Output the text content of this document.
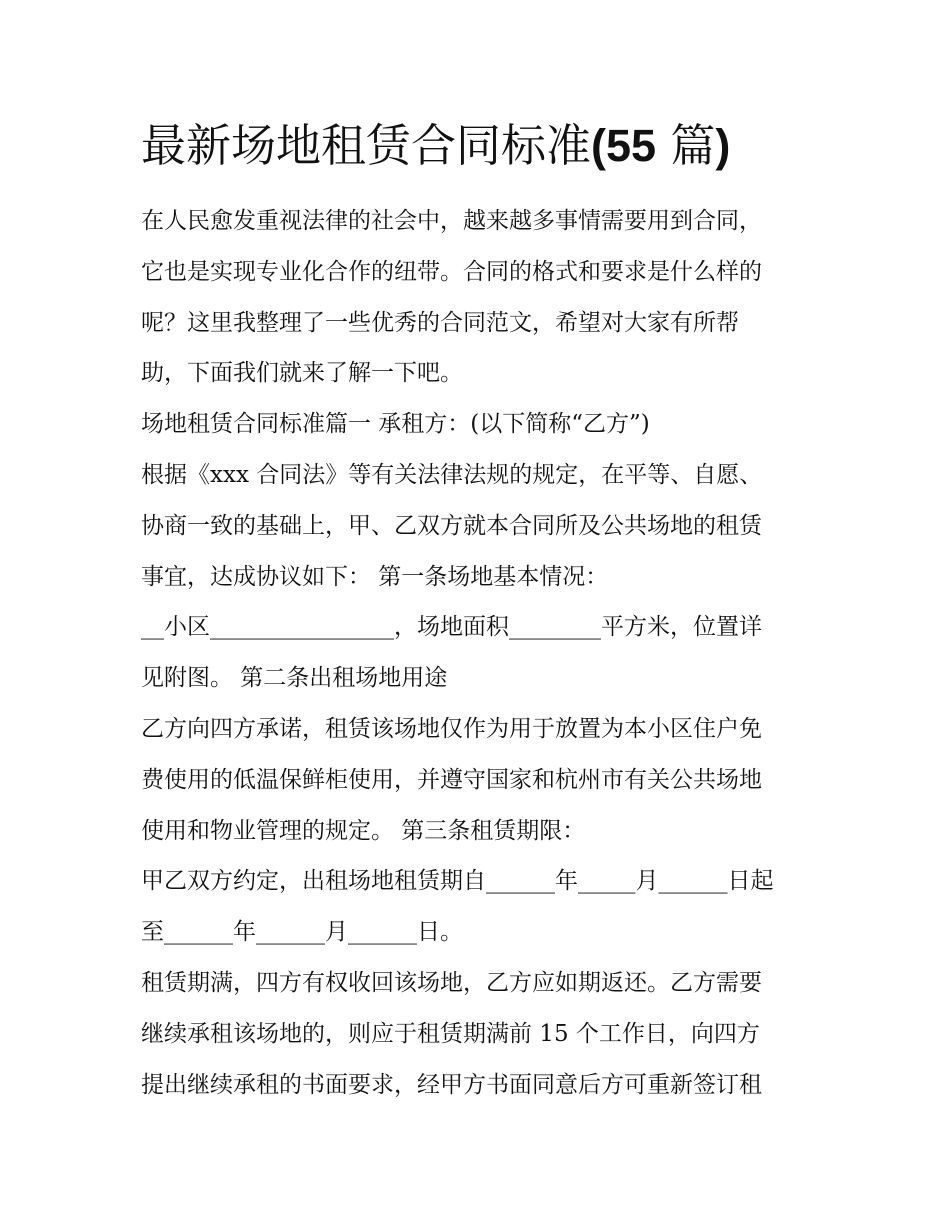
最新场地租赁合同标准(55 篇)
在人民愈发重视法律的社会中，越来越多事情需要用到合同，
它也是实现专业化合作的纽带。合同的格式和要求是什么样的
呢？这里我整理了一些优秀的合同范文，希望对大家有所帮
助，下面我们就来了解一下吧。
场地租赁合同标准篇一 承租方：(以下简称“乙方”)
根据《xxx 合同法》等有关法律法规的规定，在平等、自愿、
协商一致的基础上，甲、乙双方就本合同所及公共场地的租赁
事宜，达成协议如下： 第一条场地基本情况：
__小区________________，场地面积________平方米，位置详
见附图。 第二条出租场地用途
乙方向四方承诺，租赁该场地仅作为用于放置为本小区住户免
费使用的低温保鲜柜使用，并遵守国家和杭州市有关公共场地
使用和物业管理的规定。 第三条租赁期限：
甲乙双方约定，出租场地租赁期自______年_____月______日起
至______年______月______日。
租赁期满，四方有权收回该场地，乙方应如期返还。乙方需要
继续承租该场地的，则应于租赁期满前 15 个工作日，向四方
提出继续承租的书面要求，经甲方书面同意后方可重新签订租
